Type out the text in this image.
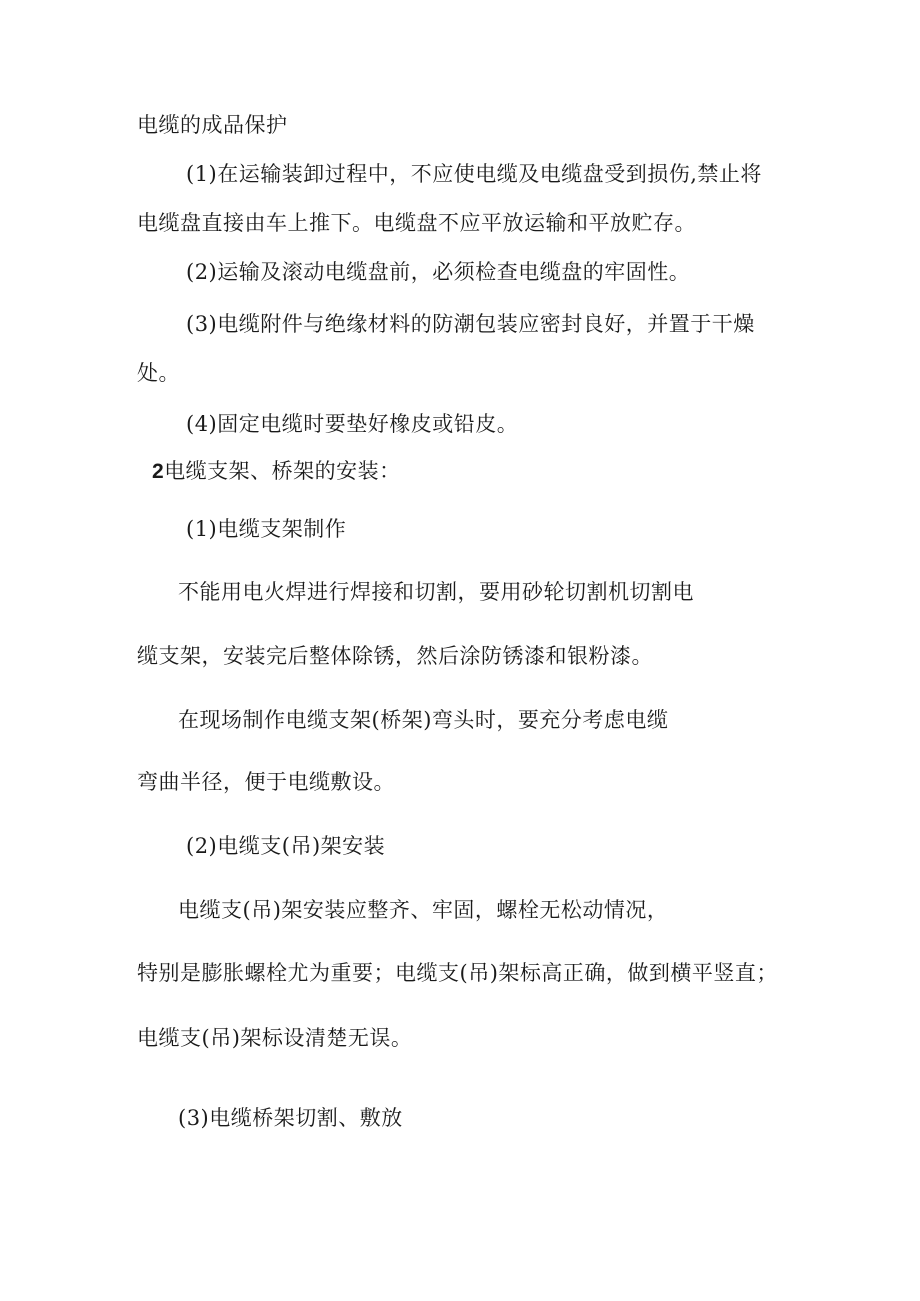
电缆的成品保护
(1)在运输装卸过程中，不应使电缆及电缆盘受到损伤,禁止将
电缆盘直接由车上推下。电缆盘不应平放运输和平放贮存。
(2)运输及滚动电缆盘前，必须检查电缆盘的牢固性。
(3)电缆附件与绝缘材料的防潮包装应密封良好，并置于干燥
处。
(4)固定电缆时要垫好橡皮或铅皮。
2电缆支架、桥架的安装：
(1)电缆支架制作
不能用电火焊进行焊接和切割，要用砂轮切割机切割电
缆支架，安装完后整体除锈，然后涂防锈漆和银粉漆。
在现场制作电缆支架(桥架)弯头时，要充分考虑电缆
弯曲半径，便于电缆敷设。
(2)电缆支(吊)架安装
电缆支(吊)架安装应整齐、牢固，螺栓无松动情况，
特别是膨胀螺栓尤为重要；电缆支(吊)架标高正确，做到横平竖直；
电缆支(吊)架标设清楚无误。
(3)电缆桥架切割、敷放
